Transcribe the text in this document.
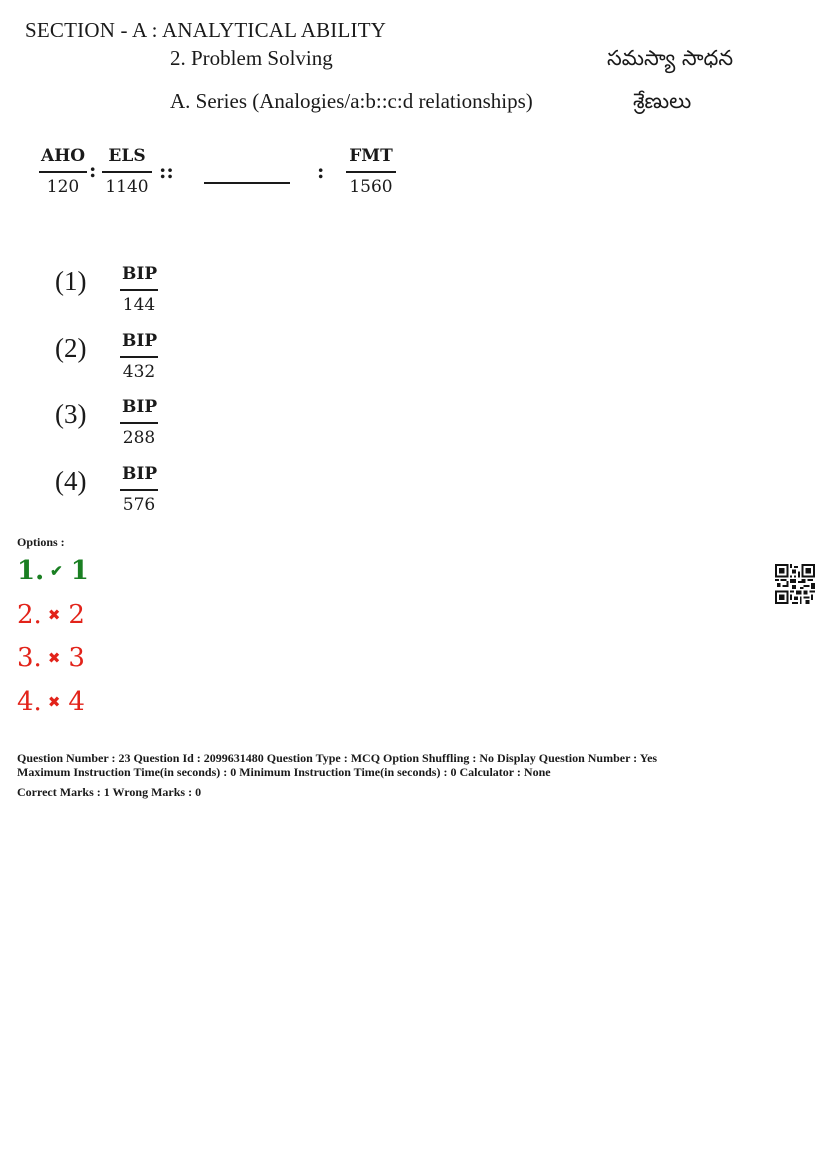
SECTION - A : ANALYTICAL ABILITY
2. Problem Solving	సమస్యా సాధన
A. Series (Analogies/a:b::c:d relationships)	శ్రేణులు
AHO
120
:
ELS
1140
::	:
FMT
1560
(1) BIP
144
(2) BIP
432
(3) BIP
288
(4) BIP
576
Options :
1. ✔ 1
2. ✖ 2
3. ✖ 3
4. ✖ 4
Question Number : 23 Question Id : 2099631480 Question Type : MCQ Option Shuffling : No Display Question Number : Yes
Maximum Instruction Time(in seconds) : 0 Minimum Instruction Time(in seconds) : 0 Calculator : None
Correct Marks : 1 Wrong Marks : 0
